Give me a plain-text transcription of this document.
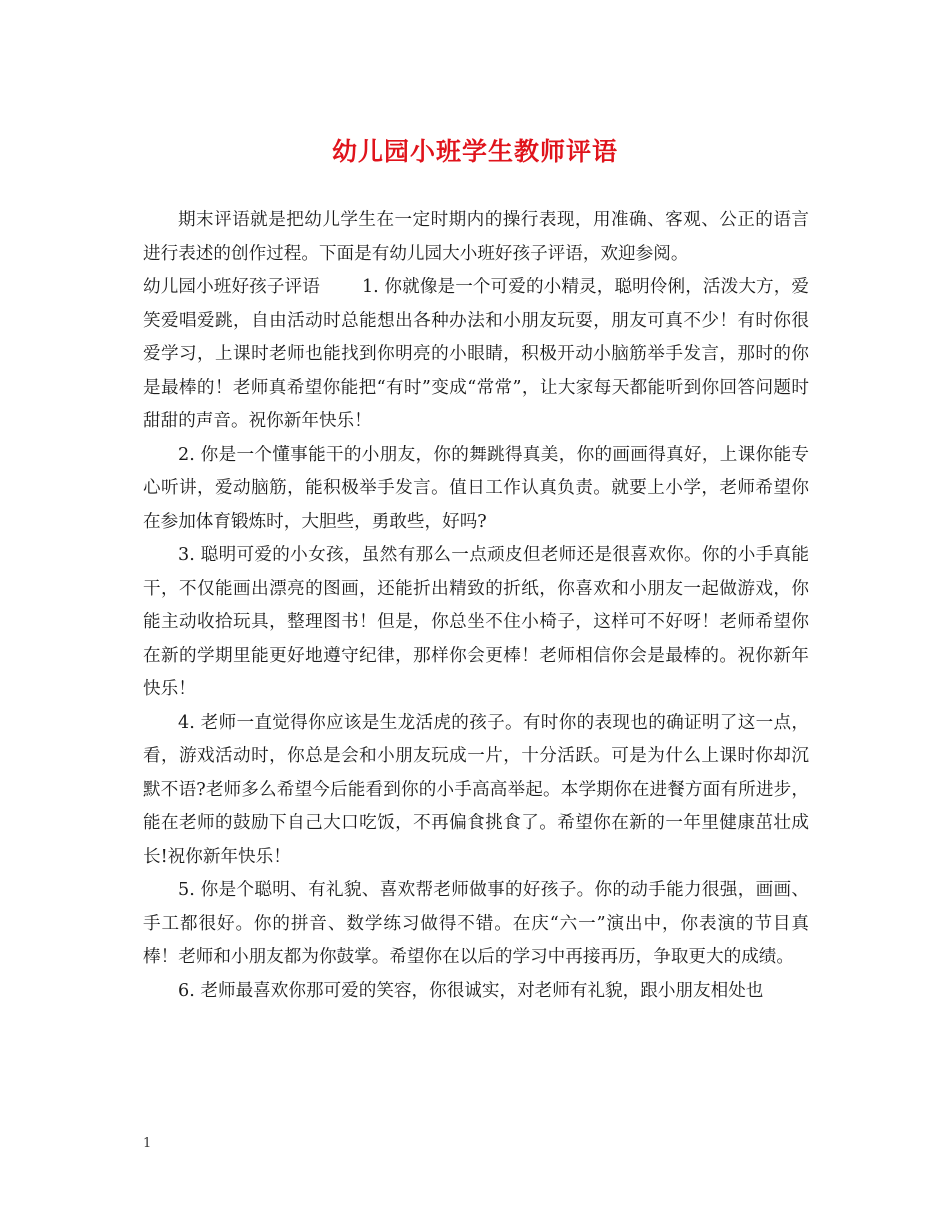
幼儿园小班学生教师评语

期末评语就是把幼儿学生在一定时期内的操行表现，用准确、客观、公正的语言进行表述的创作过程。下面是有幼儿园大小班好孩子评语，欢迎参阅。

幼儿园小班好孩子评语 1. 你就像是一个可爱的小精灵，聪明伶俐，活泼大方，爱笑爱唱爱跳，自由活动时总能想出各种办法和小朋友玩耍，朋友可真不少！有时你很爱学习，上课时老师也能找到你明亮的小眼睛，积极开动小脑筋举手发言，那时的你是最棒的！老师真希望你能把“有时”变成“常常”，让大家每天都能听到你回答问题时甜甜的声音。祝你新年快乐！

2. 你是一个懂事能干的小朋友，你的舞跳得真美，你的画画得真好，上课你能专心听讲，爱动脑筋，能积极举手发言。值日工作认真负责。就要上小学，老师希望你在参加体育锻炼时，大胆些，勇敢些，好吗?

3. 聪明可爱的小女孩，虽然有那么一点顽皮但老师还是很喜欢你。你的小手真能干，不仅能画出漂亮的图画，还能折出精致的折纸，你喜欢和小朋友一起做游戏，你能主动收拾玩具，整理图书！但是，你总坐不住小椅子，这样可不好呀！老师希望你在新的学期里能更好地遵守纪律，那样你会更棒！老师相信你会是最棒的。祝你新年快乐！

4. 老师一直觉得你应该是生龙活虎的孩子。有时你的表现也的确证明了这一点，看，游戏活动时，你总是会和小朋友玩成一片，十分活跃。可是为什么上课时你却沉默不语?老师多么希望今后能看到你的小手高高举起。本学期你在进餐方面有所进步，能在老师的鼓励下自己大口吃饭，不再偏食挑食了。希望你在新的一年里健康茁壮成长!祝你新年快乐！

5. 你是个聪明、有礼貌、喜欢帮老师做事的好孩子。你的动手能力很强，画画、手工都很好。你的拼音、数学练习做得不错。在庆“六一”演出中，你表演的节目真棒！老师和小朋友都为你鼓掌。希望你在以后的学习中再接再历，争取更大的成绩。

6. 老师最喜欢你那可爱的笑容，你很诚实，对老师有礼貌，跟小朋友相处也

1
